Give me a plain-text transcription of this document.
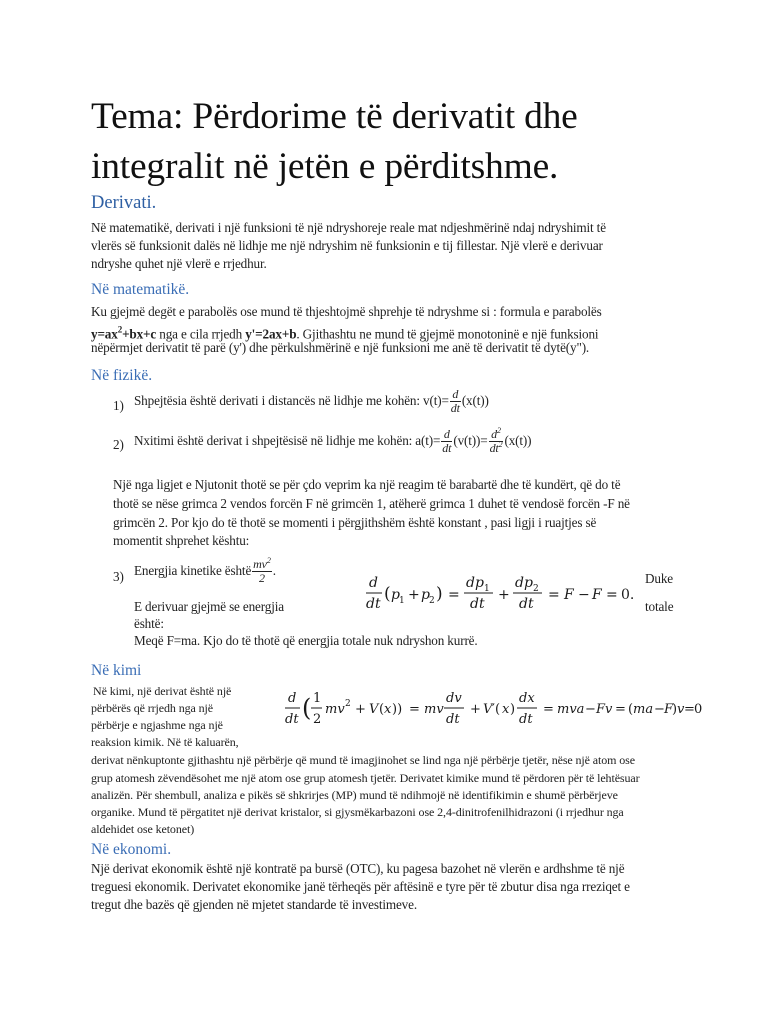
Tema: Përdorime të derivatit dhe integralit në jetën e përditshme.
Derivati.
Në matematikë, derivati i një funksioni të një ndryshoreje reale mat ndjeshmërinë ndaj ndryshimit të
vlerës së funksionit dalës në lidhje me një ndryshim në funksionin e tij fillestar. Një vlerë e derivuar
ndryshe quhet një vlerë e rrjedhur.
Në matematikë.
Ku gjejmë degët e parabolës ose mund të thjeshtojmë shprehje të ndryshme si : formula e parabolës
$y=ax^2+bx+c$ nga e cila rrjedh y'=2ax+b. Gjithashtu ne mund të gjejmë monotoninë e një funksioni
nëpërmjet derivatit të parë (y') dhe përkulshmërinë e një funksioni me anë të derivatit të dytë(y").
Në fizikë.
1) Shpejtësia është derivati i distancës në lidhje me kohën: $v(t)= \frac{d}{dt} (x(t))$
2) Nxitimi është derivat i shpejtësisë në lidhje me kohën: $a(t)= \frac{d}{dt} (v(t))= \frac{d^2}{dt^2} (x(t))$
Një nga ligjet e Njutonit thotë se për çdo veprim ka një reagim të barabartë dhe të kundërt, që do të
thotë se nëse grimca 2 vendos forcën F në grimcën 1, atëherë grimca 1 duhet të vendosë forcën -F në
grimcën 2. Por kjo do të thotë se momenti i përgjithshëm është konstant , pasi ligji i ruajtjes së
momentit shprehet kështu:
3) Energjia kinetike është $\frac{mv^2}{2}$ .
d
dt ( p 1 + p 2 ) =
dp 1
dt
+
dp 2
dt
= F − F = 0.
Duke
totale
E derivuar gjejmë se energjia
është:
Meqë F=ma. Kjo do të thotë që energjia totale nuk ndryshon kurrë.
Në kimi
Në kimi, një derivat është një
përbërës që rrjedh nga një
përbërje e ngjashme nga një
reaksion kimik. Në të kaluarën,
d
dt ( 1
2
mv 2 + V ( x )) = mv
dv
dt
+ V ′( x )
dx
dt
= mva − Fv = ( ma − F
) v = 0
derivat nënkuptonte gjithashtu një përbërje që mund të imagjinohet se lind nga një përbërje tjetër, nëse një atom ose
grup atomesh zëvendësohet me një atom ose grup atomesh tjetër. Derivatet kimike mund të përdoren për të lehtësuar
analizën. Për shembull, analiza e pikës së shkrirjes (MP) mund të ndihmojë në identifikimin e shumë përbërjeve
organike. Mund të përgatitet një derivat kristalor, si gjysmëkarbazoni ose 2,4-dinitrofenilhidrazoni (i rrjedhur nga
aldehidet ose ketonet)
Në ekonomi.
Një derivat ekonomik është një kontratë pa bursë (OTC), ku pagesa bazohet në vlerën e ardhshme të një
treguesi ekonomik. Derivatet ekonomike janë tërheqës për aftësinë e tyre për të zbutur disa nga rreziqet e
tregut dhe bazës që gjenden në mjetet standarde të investimeve.
